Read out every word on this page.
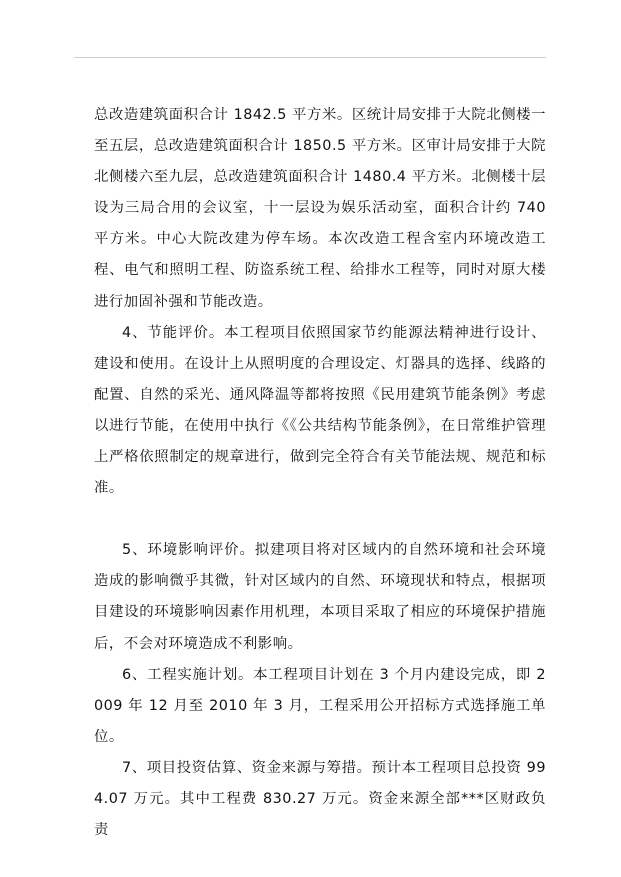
总改造建筑面积合计 1842.5 平方米。区统计局安排于大院北侧楼一至五层，总改造建筑面积合计 1850.5 平方米。区审计局安排于大院北侧楼六至九层，总改造建筑面积合计 1480.4 平方米。北侧楼十层设为三局合用的会议室，十一层设为娱乐活动室，面积合计约 740 平方米。中心大院改建为停车场。本次改造工程含室内环境改造工程、电气和照明工程、防盗系统工程、给排水工程等，同时对原大楼进行加固补强和节能改造。

4、节能评价。本工程项目依照国家节约能源法精神进行设计、建设和使用。在设计上从照明度的合理设定、灯器具的选择、线路的配置、自然的采光、通风降温等都将按照《民用建筑节能条例》考虑以进行节能，在使用中执行《《公共结构节能条例》，在日常维护管理上严格依照制定的规章进行，做到完全符合有关节能法规、规范和标准。

5、环境影响评价。拟建项目将对区域内的自然环境和社会环境造成的影响微乎其微，针对区域内的自然、环境现状和特点，根据项目建设的环境影响因素作用机理，本项目采取了相应的环境保护措施后，不会对环境造成不利影响。

6、工程实施计划。本工程项目计划在 3 个月内建设完成，即 2009 年 12 月至 2010 年 3 月，工程采用公开招标方式选择施工单位。

7、项目投资估算、资金来源与筹措。预计本工程项目总投资 994.07 万元。其中工程费 830.27 万元。资金来源全部***区财政负责
